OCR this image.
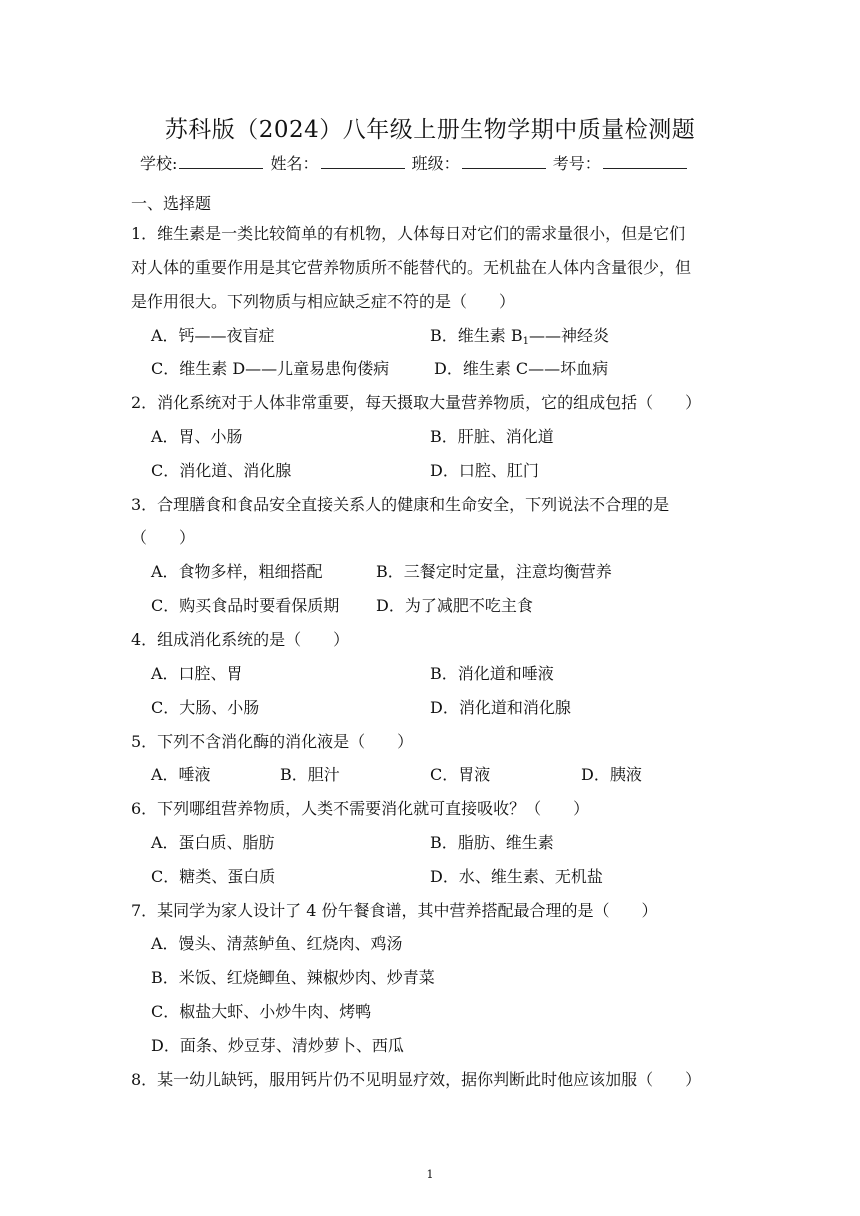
苏科版（2024）八年级上册生物学期中质量检测题
学校:	姓名：	班级：	考号：
一、选择题
1．维生素是一类比较简单的有机物，人体每日对它们的需求量很小，但是它们
对人体的重要作用是其它营养物质所不能替代的。无机盐在人体内含量很少，但
是作用很大。下列物质与相应缺乏症不符的是（　　）
A．钙——夜盲症	B．维生素 $B_1——$神经炎
C．维生素 D——儿童易患佝偻病	D．维生素 C——坏血病
2．消化系统对于人体非常重要，每天摄取大量营养物质，它的组成包括（　　）
A．胃、小肠	B．肝脏、消化道
C．消化道、消化腺	D．口腔、肛门
3．合理膳食和食品安全直接关系人的健康和生命安全，下列说法不合理的是
（　　）
A．食物多样，粗细搭配	B．三餐定时定量，注意均衡营养
C．购买食品时要看保质期 D．为了减肥不吃主食
4．组成消化系统的是（　　）
A．口腔、胃	B．消化道和唾液
C．大肠、小肠	D．消化道和消化腺
5．下列不含消化酶的消化液是（　　）
A．唾液	B．胆汁	C．胃液	D．胰液
6．下列哪组营养物质，人类不需要消化就可直接吸收？（　　）
A．蛋白质、脂肪	B．脂肪、维生素
C．糖类、蛋白质	D．水、维生素、无机盐
7．某同学为家人设计了 4 份午餐食谱，其中营养搭配最合理的是（　　）
A．馒头、清蒸鲈鱼、红烧肉、鸡汤
B．米饭、红烧鲫鱼、辣椒炒肉、炒青菜
C．椒盐大虾、小炒牛肉、烤鸭
D．面条、炒豆芽、清炒萝卜、西瓜
8．某一幼儿缺钙，服用钙片仍不见明显疗效，据你判断此时他应该加服（　　）
1
